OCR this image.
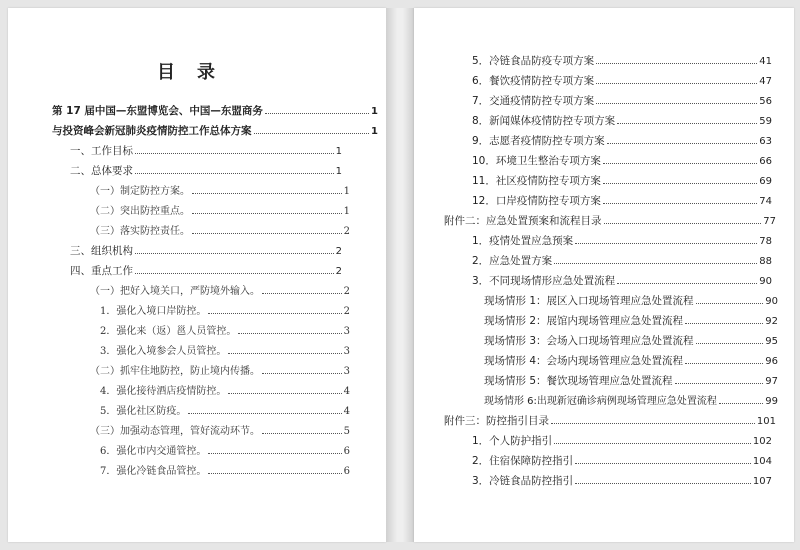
目录
第 17 届中国—东盟博览会、中国—东盟商务	1
与投资峰会新冠肺炎疫情防控工作总体方案	1
一、工作目标	1
二、总体要求	1
（一）制定防控方案。	1
（二）突出防控重点。	1
（三）落实防控责任。	2
三、组织机构	2
四、重点工作	2
（一）把好入境关口，严防境外输入。	2
1．强化入境口岸防控。	2
2．强化来（返）邕人员管控。	3
3．强化入境参会人员管控。	3
（二）抓牢住地防控，防止境内传播。	3
4．强化接待酒店疫情防控。	4
5．强化社区防疫。	4
（三）加强动态管理，管好流动环节。	5
6．强化市内交通管控。	6
7．强化冷链食品管控。	6
5．冷链食品防疫专项方案	41
6．餐饮疫情防控专项方案	47
7．交通疫情防控专项方案	56
8．新闻媒体疫情防控专项方案	59
9．志愿者疫情防控专项方案	63
10．环境卫生整治专项方案	66
11．社区疫情防控专项方案	69
12．口岸疫情防控专项方案	74
附件二：应急处置预案和流程目录	77
1．疫情处置应急预案	78
2．应急处置方案	88
3．不同现场情形应急处置流程	90
现场情形 1：展区入口现场管理应急处置流程	90
现场情形 2：展馆内现场管理应急处置流程	92
现场情形 3：会场入口现场管理应急处置流程	95
现场情形 4：会场内现场管理应急处置流程	96
现场情形 5：餐饮现场管理应急处置流程	97
现场情形 6:出现新冠确诊病例现场管理应急处置流程	99
附件三：防控指引目录	101
1．个人防护指引	102
2．住宿保障防控指引	104
3．冷链食品防控指引	107
